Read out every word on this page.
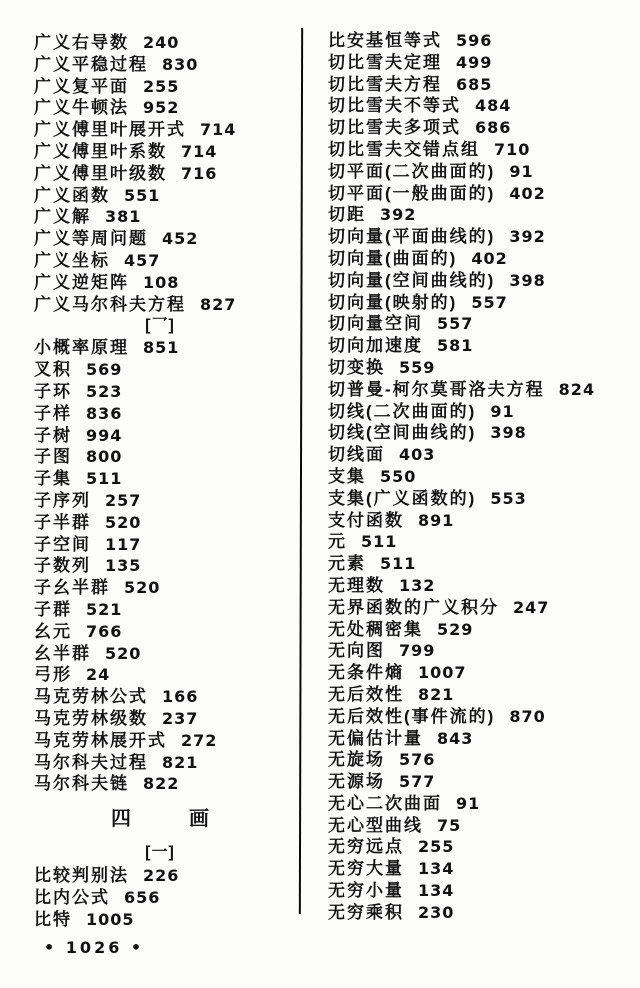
广义右导数 240
广义平稳过程 830
广义复平面 255
广义牛顿法 952
广义傅里叶展开式 714
广义傅里叶系数 714
广义傅里叶级数 716
广义函数 551
广义解 381
广义等周问题 452
广义坐标 457
广义逆矩阵 108
广义马尔科夫方程 827
[乛]
小概率原理 851
叉积 569
子环 523
子样 836
子树 994
子图 800
子集 511
子序列 257
子半群 520
子空间 117
子数列 135
子幺半群 520
子群 521
幺元 766
幺半群 520
弓形 24
马克劳林公式 166
马克劳林级数 237
马克劳林展开式 272
马尔科夫过程 821
马尔科夫链 822
四	画
[一]
比较判别法 226
比内公式 656
比特 1005
比安基恒等式 596
切比雪夫定理 499
切比雪夫方程 685
切比雪夫不等式 484
切比雪夫多项式 686
切比雪夫交错点组 710
切平面(二次曲面的) 91
切平面(一般曲面的) 402
切距 392
切向量(平面曲线的) 392
切向量(曲面的) 402
切向量(空间曲线的) 398
切向量(映射的) 557
切向量空间 557
切向加速度 581
切变换 559
切普曼-柯尔莫哥洛夫方程 824
切线(二次曲面的) 91
切线(空间曲线的) 398
切线面 403
支集 550
支集(广义函数的) 553
支付函数 891
元 511
元素 511
无理数 132
无界函数的广义积分 247
无处稠密集 529
无向图 799
无条件熵 1007
无后效性 821
无后效性(事件流的) 870
无偏估计量 843
无旋场 576
无源场 577
无心二次曲面 91
无心型曲线 75
无穷远点 255
无穷大量 134
无穷小量 134
无穷乘积 230
• 1026 •
